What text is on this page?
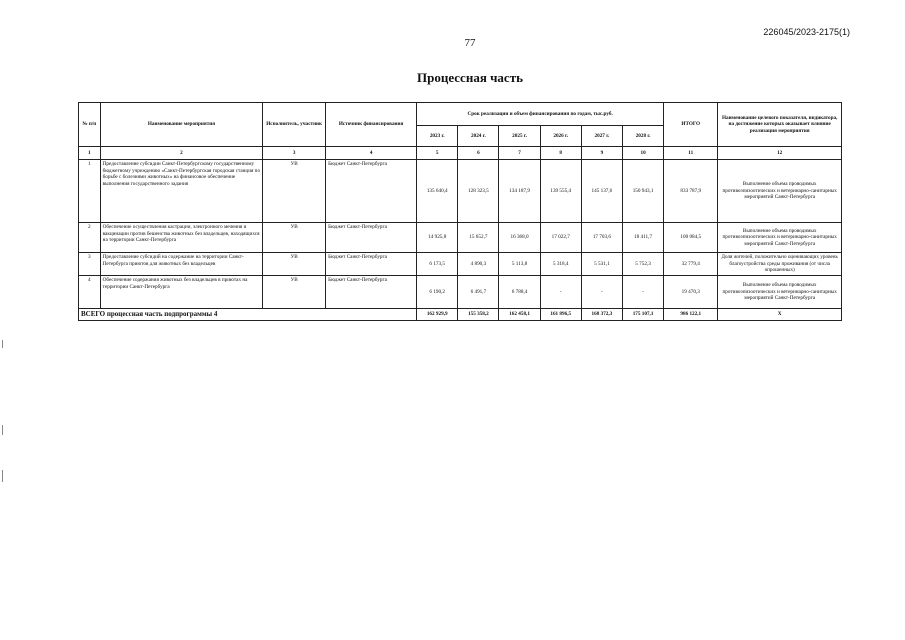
226045/2023-2175(1)
77
Процессная часть
№ п/п	Наименование мероприятия	Исполнитель, участник	Источник финансирования	Срок реализации и объем финансирования по годам, тыс.руб.						ИТОГО	Наименование целевого показателя, индикатора, на достижение которых оказывает влияние реализация мероприятия
				2023 г.	2024 г.	2025 г.	2026 г.	2027 г.	2028 г.		
1	2	3	4	5	6	7	8	9	10	11	12
1	Предоставление субсидии Санкт-Петербургскому государственному бюджетному учреждению «Санкт-Петербургская городская станция по борьбе с болезнями животных» на финансовое обеспечение выполнения государственного задания	УВ	Бюджет Санкт-Петербурга	135 640,4	128 323,5	134 187,9	139 555,4	145 137,6	150 943,1	833 787,9	Выполнение объема проводимых противоэпизоотических и ветеринарно-санитарных мероприятий Санкт-Петербурга
2	Обеспечение осуществления кастрации, электронного мечения и вакцинации против бешенства животных без владельцев, находящихся на территории Санкт-Петербурга	УВ	Бюджет Санкт-Петербурга	14 925,8	15 652,7	16 368,0	17 022,7	17 703,6	18 411,7	100 084,5	Выполнение объема проводимых противоэпизоотических и ветеринарно-санитарных мероприятий Санкт-Петербурга
3	Предоставление субсидий на содержание на территории Санкт-Петербурга приютов для животных без владельцев	УВ	Бюджет Санкт-Петербурга	6 173,5	4 890,3	5 113,8	5 318,4	5 531,1	5 752,3	32 779,4	Доля жителей, положительно оценивающих уровень благоустройства среды проживания (от числа опрошенных)
4	Обеспечение содержания животных без владельцев в приютах на территории Санкт-Петербурга	УВ	Бюджет Санкт-Петербурга	6 190,2	6 491,7	6 788,4	-	-	-	19 470,3	Выполнение объема проводимых противоэпизоотических и ветеринарно-санитарных мероприятий Санкт-Петербурга
ВСЕГО процессная часть подпрограммы 4				162 929,9	155 358,2	162 458,1	161 896,5	168 372,3	175 107,1	986 122,1	Х
